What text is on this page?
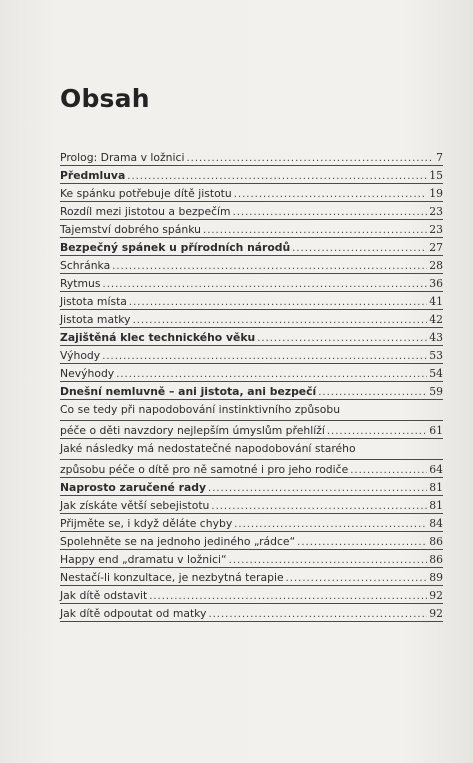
Obsah
Prolog: Drama v ložnici .....	7
Předmluva .....	15
Ke spánku potřebuje dítě jistotu .....	19
Rozdíl mezi jistotou a bezpečím .....	23
Tajemství dobrého spánku .....	23
Bezpečný spánek u přírodních národů .....	27
Schránka .....	28
Rytmus .....	36
Jistota místa .....	41
Jistota matky .....	42
Zajištěná klec technického věku .....	43
Výhody .....	53
Nevýhody .....	54
Dnešní nemluvně – ani jistota, ani bezpečí .....	59
Co se tedy při napodobování instinktivního způsobu
péče o děti navzdory nejlepším úmyslům přehlíží .....	61
Jaké následky má nedostatečné napodobování starého
způsobu péče o dítě pro ně samotné i pro jeho rodiče .....	64
Naprosto zaručené rady .....	81
Jak získáte větší sebejistotu .....	81
Přijměte se, i když děláte chyby .....	84
Spolehněte se na jednoho jediného „rádce“ .....	86
Happy end „dramatu v ložnici“ .....	86
Nestačí-li konzultace, je nezbytná terapie .....	89
Jak dítě odstavit .....	92
Jak dítě odpoutat od matky .....	92
